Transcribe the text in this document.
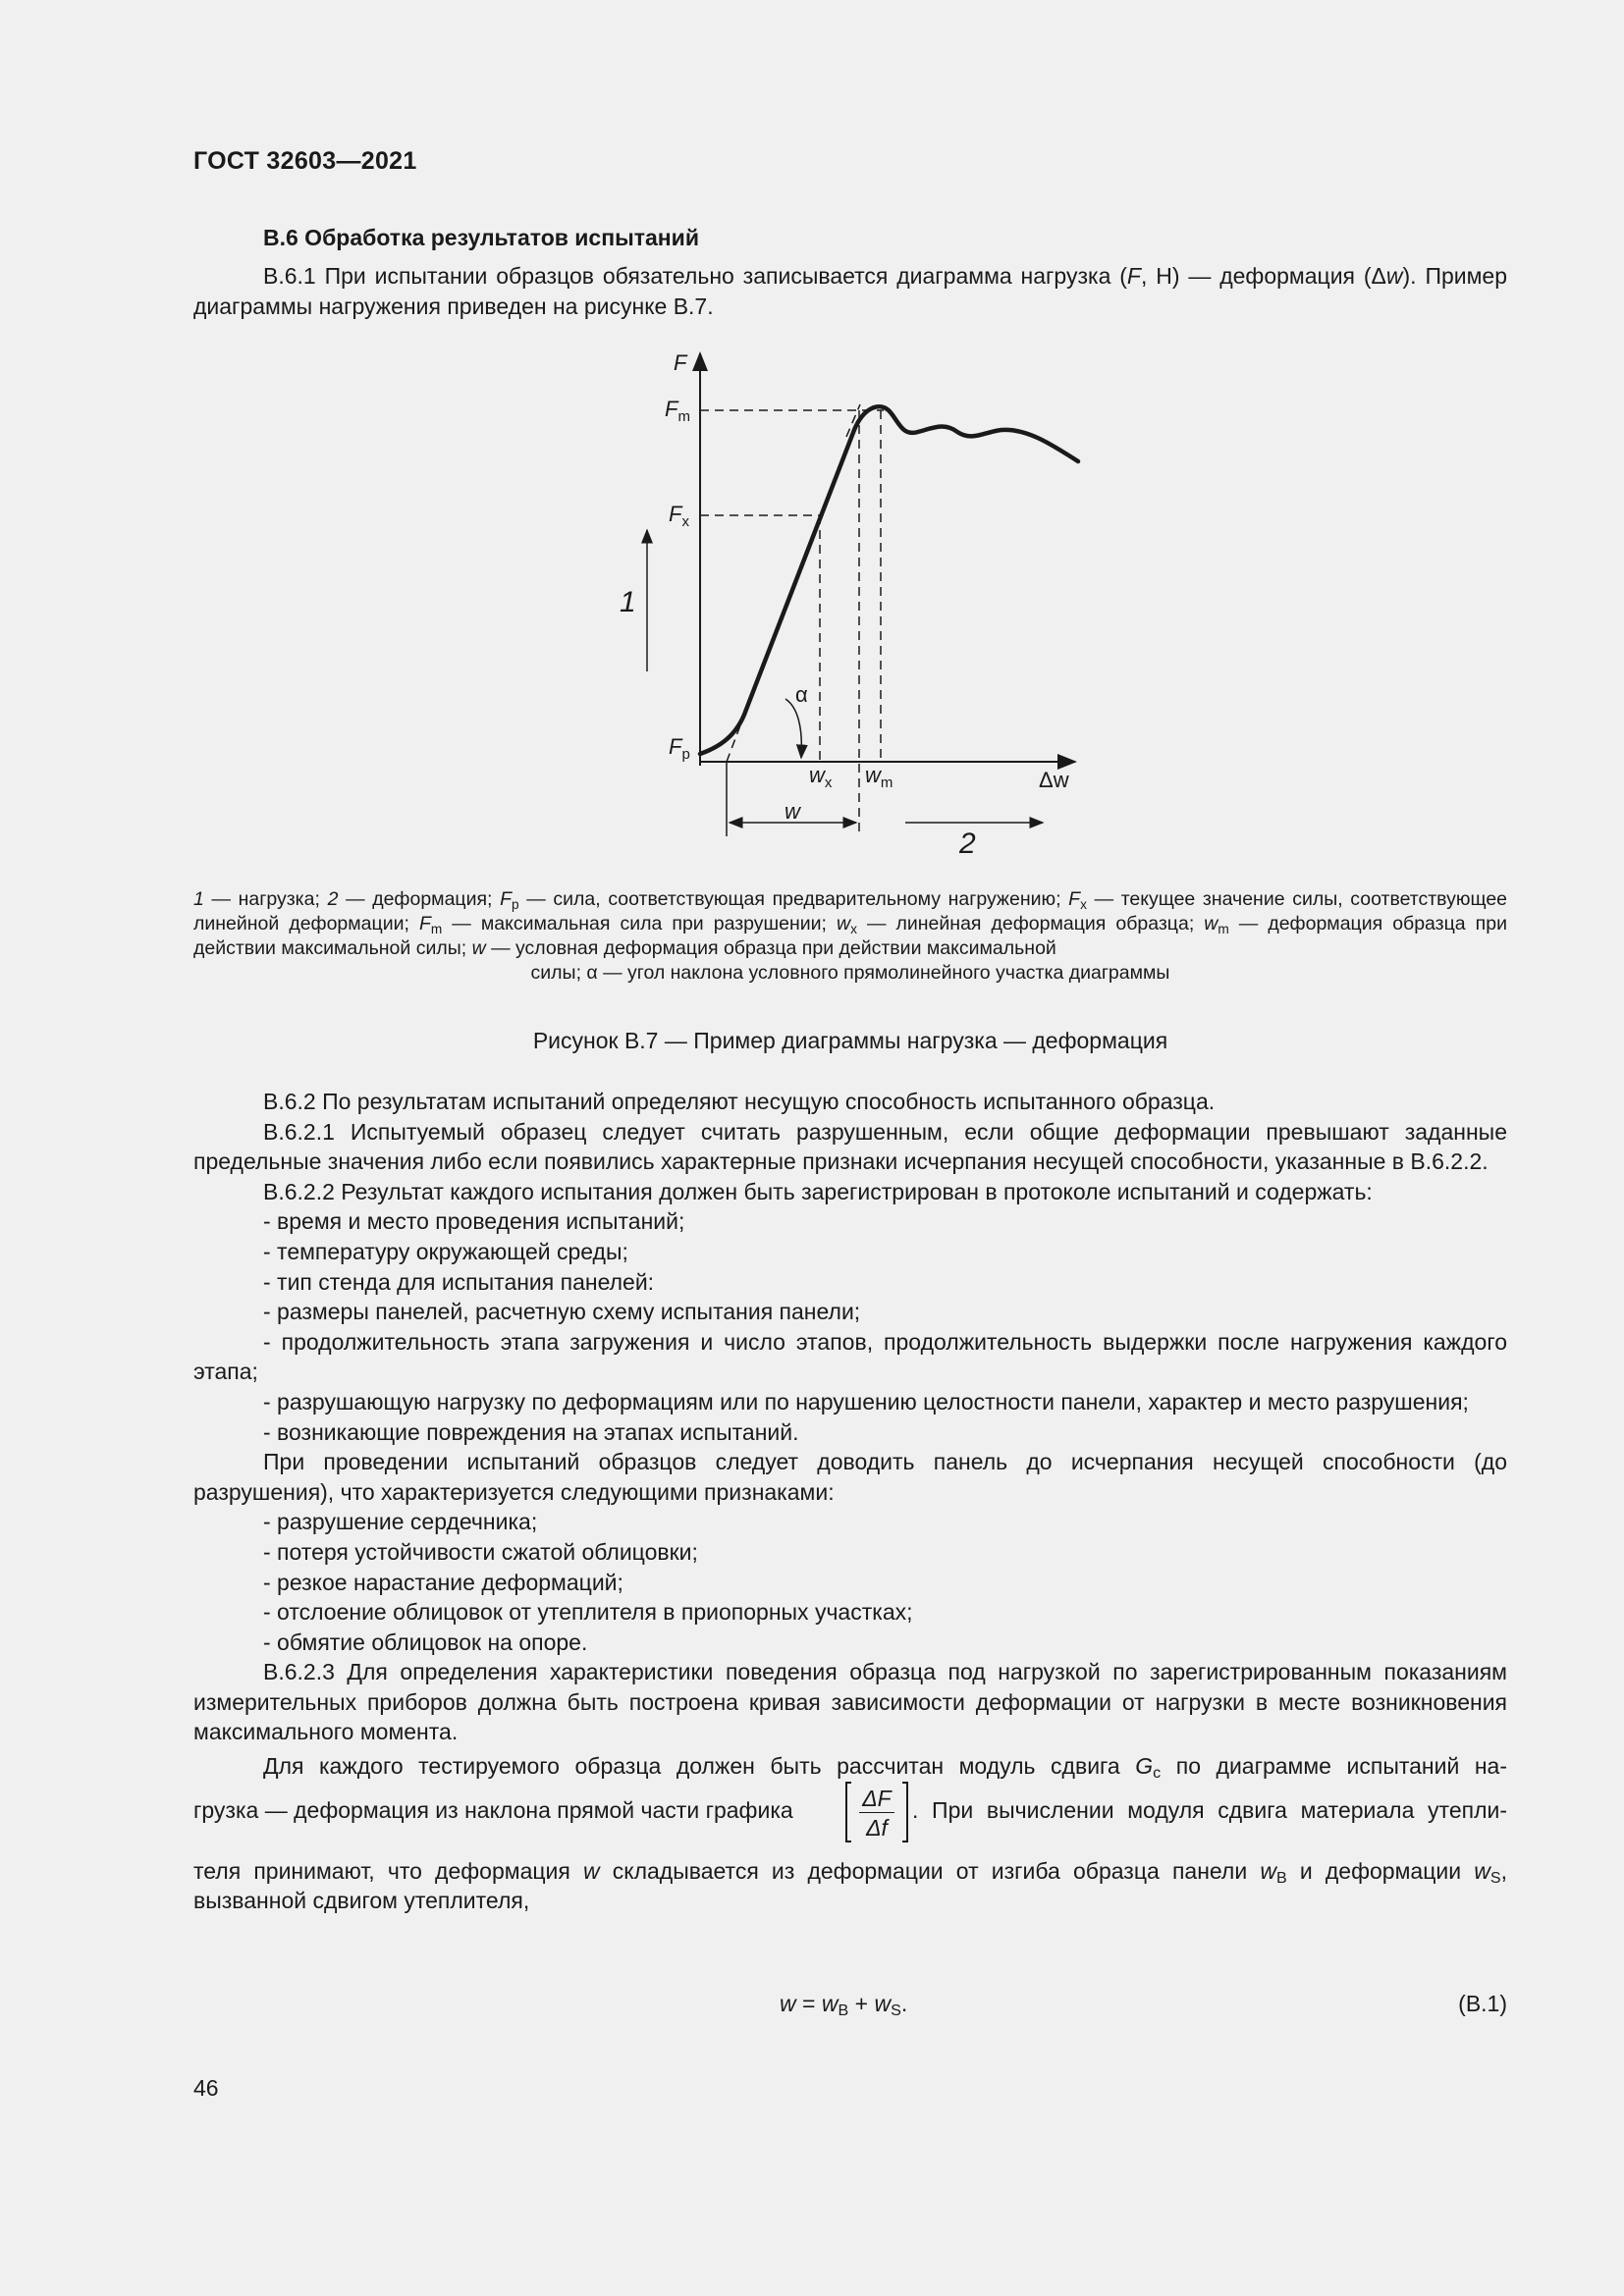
ГОСТ 32603—2021
В.6 Обработка результатов испытаний
В.6.1 При испытании образцов обязательно записывается диаграмма нагрузка (F, Н) — деформация (Δw). Пример диаграммы нагружения приведен на рисунке В.7.
F
$F_m$
$F_x$
$F_p$
$w_x$ $w_m$	Δw
w
α
1
2
1 — нагрузка; 2 — деформация; $F_p$ — сила, соответствующая предварительному нагружению; $F_x$ — текущее значение силы, соответствующее линейной деформации; $F_m$ — максимальная сила при разрушении; $w_x$ — линейная деформация образца; $w_m$ — деформация образца при действии максимальной силы; w — условная деформация образца при действии максимальной
силы; α — угол наклона условного прямолинейного участка диаграммы
Рисунок В.7 — Пример диаграммы нагрузка — деформация

В.6.2 По результатам испытаний определяют несущую способность испытанного образца.

В.6.2.1 Испытуемый образец следует считать разрушенным, если общие деформации превышают заданные предельные значения либо если появились характерные признаки исчерпания несущей способности, указанные в В.6.2.2.

В.6.2.2 Результат каждого испытания должен быть зарегистрирован в протоколе испытаний и содержать:

- время и место проведения испытаний;

- температуру окружающей среды;

- тип стенда для испытания панелей:

- размеры панелей, расчетную схему испытания панели;

- продолжительность этапа загружения и число этапов, продолжительность выдержки после нагружения каждого этапа;

- разрушающую нагрузку по деформациям или по нарушению целостности панели, характер и место разрушения;

- возникающие повреждения на этапах испытаний.

При проведении испытаний образцов следует доводить панель до исчерпания несущей способности (до разрушения), что характеризуется следующими признаками:

- разрушение сердечника;

- потеря устойчивости сжатой облицовки;

- резкое нарастание деформаций;

- отслоение облицовок от утеплителя в приопорных участках;

- обмятие облицовок на опоре.

В.6.2.3 Для определения характеристики поведения образца под нагрузкой по зарегистрированным показаниям измерительных приборов должна быть построена кривая зависимости деформации от нагрузки в месте возникновения максимального момента.

Для каждого тестируемого образца должен быть рассчитан модуль сдвига $G_c$ по диаграмме испытаний на-

грузка — деформация из наклона прямой части графика	ΔF
Δf
. При вычислении модуля сдвига материала утепли-

теля принимают, что деформация w складывается из деформации от изгиба образца панели $w_B$ и деформации $w_S$,

вызванной сдвигом утеплителя,

$w = w_B + w_S$.	(В.1)
46
